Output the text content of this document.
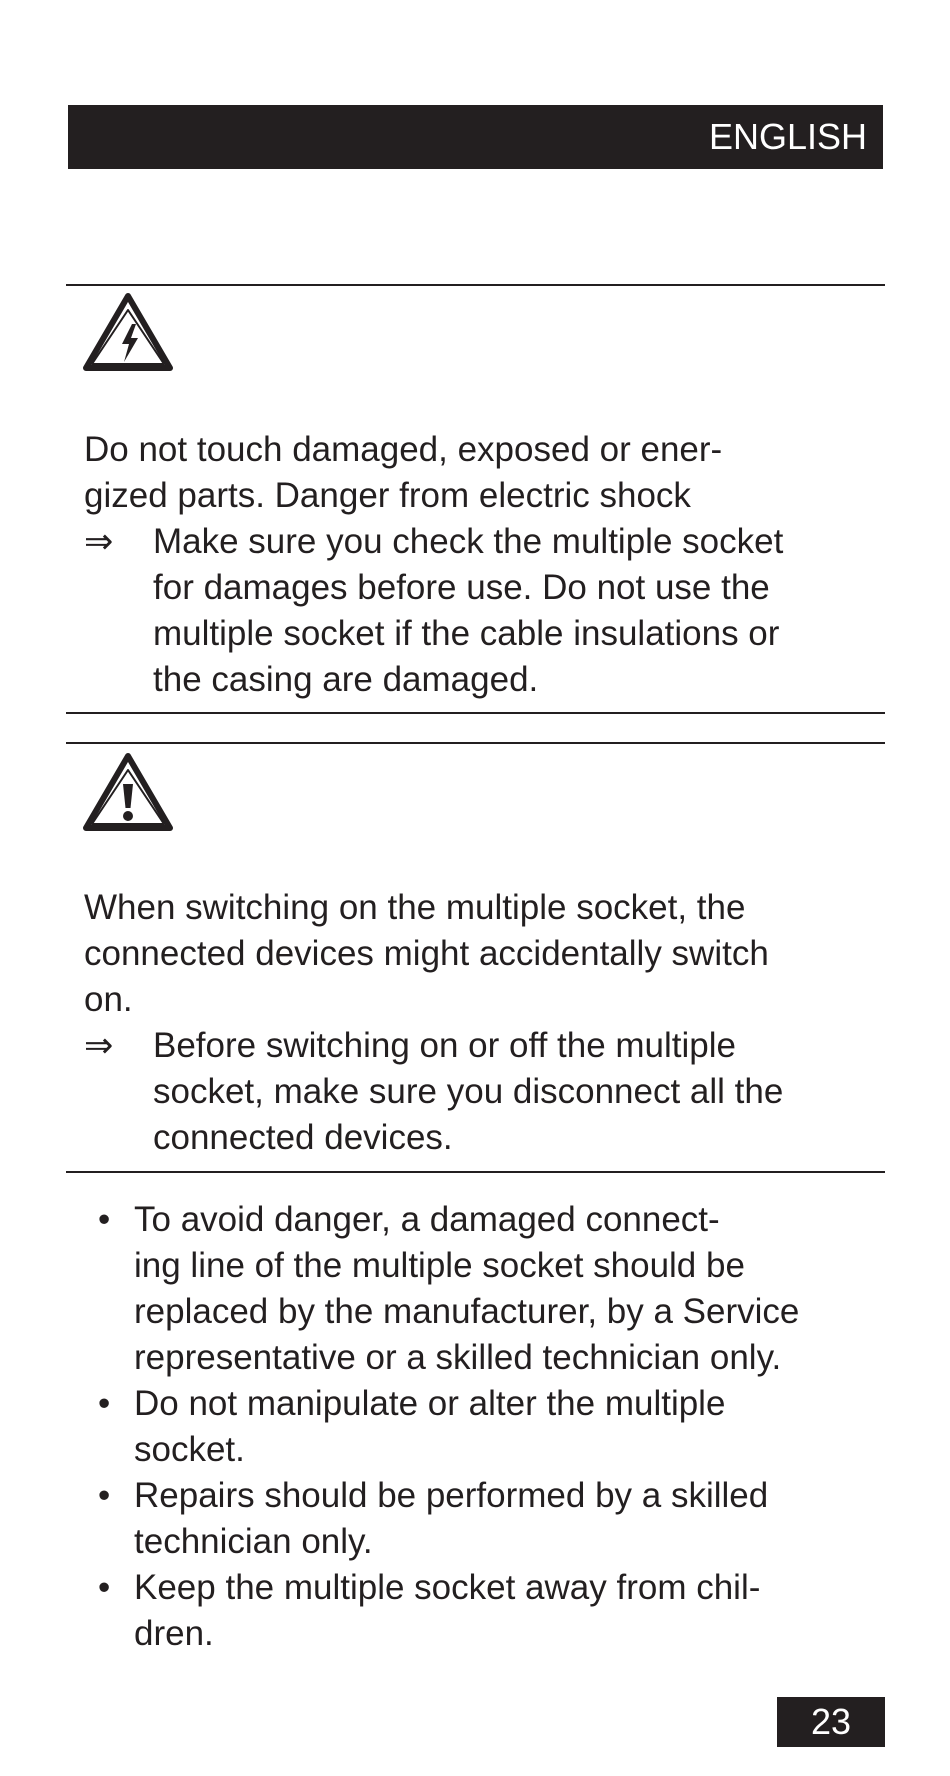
ENGLISH
Do not touch damaged, exposed or ener-
gized parts. Danger from electric shock
⇒ Make sure you check the multiple socket
for damages before use. Do not use the
multiple socket if the cable insulations or
the casing are damaged.
When switching on the multiple socket, the
connected devices might accidentally switch
on.
⇒ Before switching on or off the multiple
socket, make sure you disconnect all the
connected devices.
• To avoid danger, a damaged connect-
ing line of the multiple socket should be
replaced by the manufacturer, by a Service
representative or a skilled technician only.
• Do not manipulate or alter the multiple
socket.
• Repairs should be performed by a skilled
technician only.
• Keep the multiple socket away from chil-
dren.
23
